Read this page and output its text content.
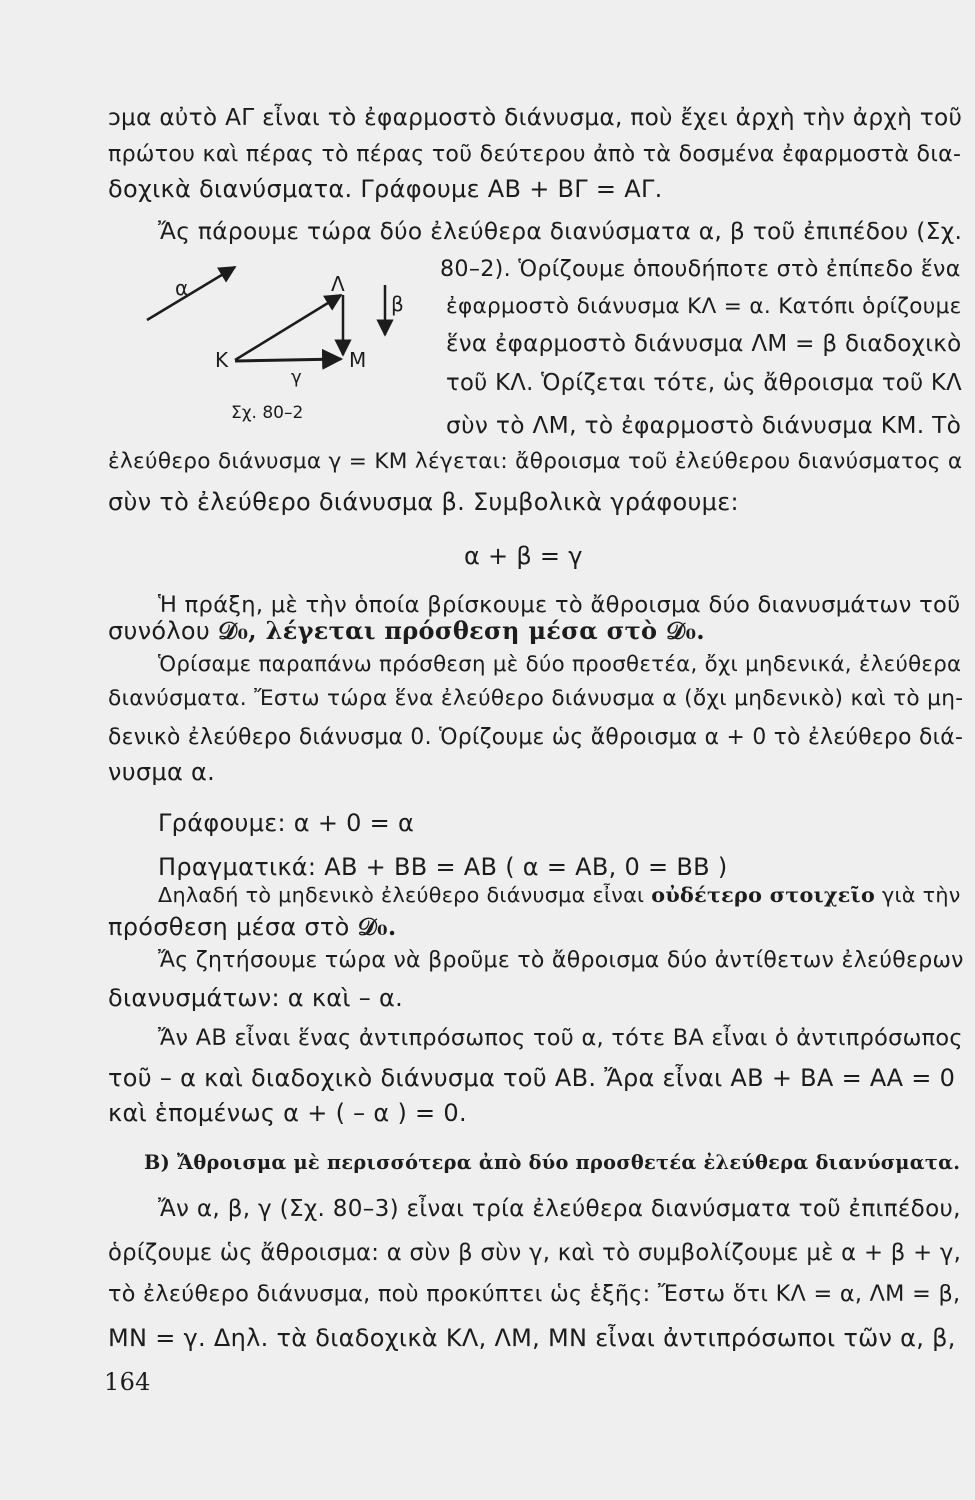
ɔμα αὐτὸ ΑΓ εἶναι τὸ ἐφαρμοστὸ διάνυσμα, ποὺ ἔχει ἀρχὴ τὴν ἀρχὴ τοῦ
πρώτου καὶ πέρας τὸ πέρας τοῦ δεύτερου ἀπὸ τὰ δοσμένα ἐφαρμοστὰ δια-
δοχικὰ διανύσματα. Γράφουμε ΑΒ + ΒΓ = ΑΓ.
Ἄς πάρουμε τώρα δύο ἐλεύθερα διανύσματα α, β τοῦ ἐπιπέδου (Σχ.
α
β
K
Λ
M
γ
Σχ. 80–2
80–2). Ὁρίζουμε ὁπουδήποτε στὸ ἐπίπεδο ἕνα
ἐφαρμοστὸ διάνυσμα ΚΛ = α. Κατόπι ὁρίζουμε
ἕνα ἐφαρμοστὸ διάνυσμα ΛΜ = β διαδοχικὸ
τοῦ ΚΛ. Ὁρίζεται τότε, ὡς ἄθροισμα τοῦ ΚΛ
σὺν τὸ ΛΜ, τὸ ἐφαρμοστὸ διάνυσμα ΚΜ. Τὸ
ἐλεύθερο διάνυσμα γ = ΚΜ λέγεται: ἄθροισμα τοῦ ἐλεύθερου διανύσματος α
σὺν τὸ ἐλεύθερο διάνυσμα β. Συμβολικὰ γράφουμε:
α + β = γ
Ἡ πράξη, μὲ τὴν ὁποία βρίσκουμε τὸ ἄθροισμα δύο διανυσμάτων τοῦ
συνόλου 𝒟₀, λέγεται πρόσθεση μέσα στὸ 𝒟₀.
Ὁρίσαμε παραπάνω πρόσθεση μὲ δύο προσθετέα, ὄχι μηδενικά, ἐλεύθερα
διανύσματα. Ἔστω τώρα ἕνα ἐλεύθερο διάνυσμα α (ὄχι μηδενικὸ) καὶ τὸ μη-
δενικὸ ἐλεύθερο διάνυσμα 0. Ὁρίζουμε ὡς ἄθροισμα α + 0 τὸ ἐλεύθερο διά-
νυσμα α.
Γράφουμε: α + 0 = α
Πραγματικά: ΑΒ + ΒΒ = ΑΒ ( α = ΑΒ, 0 = ΒΒ )
Δηλαδή τὸ μηδενικὸ ἐλεύθερο διάνυσμα εἶναι οὐδέτερο στοιχεῖο γιὰ τὴν
πρόσθεση μέσα στὸ 𝒟₀.
Ἄς ζητήσουμε τώρα νὰ βροῦμε τὸ ἄθροισμα δύο ἀντίθετων ἐλεύθερων
διανυσμάτων: α καὶ – α.
Ἄν ΑΒ εἶναι ἕνας ἀντιπρόσωπος τοῦ α, τότε ΒΑ εἶναι ὁ ἀντιπρόσωπος
τοῦ – α καὶ διαδοχικὸ διάνυσμα τοῦ ΑΒ. Ἄρα εἶναι ΑΒ + ΒΑ = ΑΑ = 0
καὶ ἑπομένως α + ( – α ) = 0.
Β) Ἄθροισμα μὲ περισσότερα ἀπὸ δύο προσθετέα ἐλεύθερα διανύσματα.
Ἄν α, β, γ (Σχ. 80–3) εἶναι τρία ἐλεύθερα διανύσματα τοῦ ἐπιπέδου,
ὁρίζουμε ὡς ἄθροισμα: α σὺν β σὺν γ, καὶ τὸ συμβολίζουμε μὲ α + β + γ,
τὸ ἐλεύθερο διάνυσμα, ποὺ προκύπτει ὡς ἑξῆς: Ἔστω ὅτι ΚΛ = α, ΛΜ = β,
ΜΝ = γ. Δηλ. τὰ διαδοχικὰ ΚΛ, ΛΜ, ΜΝ εἶναι ἀντιπρόσωποι τῶν α, β,
164
